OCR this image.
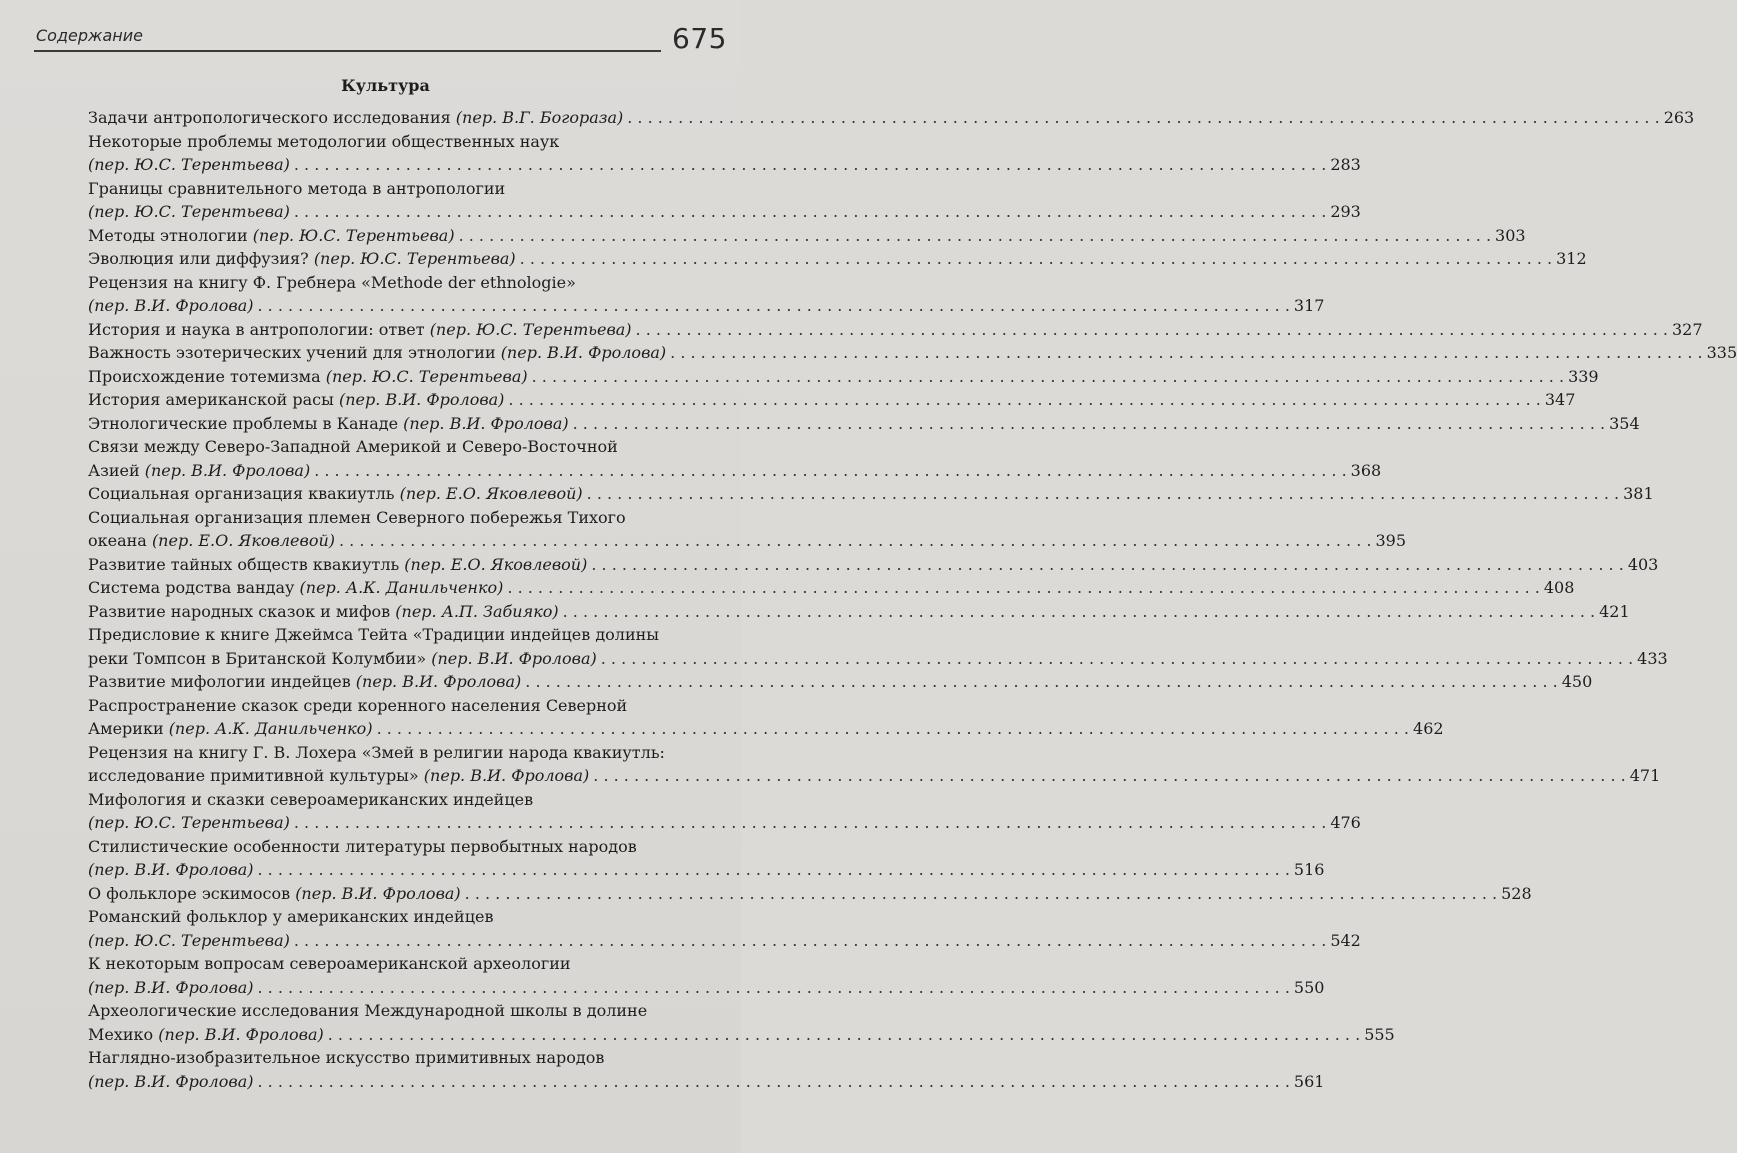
Содержание	675
Культура
Задачи антропологического исследования (пер. В.Г. Богораза) . . .	263
Некоторые проблемы методологии общественных наук
(пер. Ю.С. Терентьева) . . .	283
Границы сравнительного метода в антропологии
(пер. Ю.С. Терентьева) . . .	293
Методы этнологии (пер. Ю.С. Терентьева) . . .	303
Эволюция или диффузия? (пер. Ю.С. Терентьева) . . .	312
Рецензия на книгу Ф. Гребнера «Methode der ethnologie»
(пер. В.И. Фролова) . . .	317
История и наука в антропологии: ответ (пер. Ю.С. Терентьева) . . .	327
Важность эзотерических учений для этнологии (пер. В.И. Фролова) . . .	335
Происхождение тотемизма (пер. Ю.С. Терентьева) . . .	339
История американской расы (пер. В.И. Фролова) . . .	347
Этнологические проблемы в Канаде (пер. В.И. Фролова) . . .	354
Связи между Северо-Западной Америкой и Северо-Восточной
Азией (пер. В.И. Фролова) . . .	368
Социальная организация квакиутль (пер. Е.О. Яковлевой) . . .	381
Социальная организация племен Северного побережья Тихого
океана (пер. Е.О. Яковлевой) . . .	395
Развитие тайных обществ квакиутль (пер. Е.О. Яковлевой) . . .	403
Система родства вандау (пер. А.К. Данильченко) . . .	408
Развитие народных сказок и мифов (пер. А.П. Забияко) . . .	421
Предисловие к книге Джеймса Тейта «Традиции индейцев долины
реки Томпсон в Британской Колумбии» (пер. В.И. Фролова) . . .	433
Развитие мифологии индейцев (пер. В.И. Фролова) . . .	450
Распространение сказок среди коренного населения Северной
Америки (пер. А.К. Данильченко) . . .	462
Рецензия на книгу Г. В. Лохера «Змей в религии народа квакиутль:
исследование примитивной культуры» (пер. В.И. Фролова) . . .	471
Мифология и сказки североамериканских индейцев
(пер. Ю.С. Терентьева) . . .	476
Стилистические особенности литературы первобытных народов
(пер. В.И. Фролова) . . .	516
О фольклоре эскимосов (пер. В.И. Фролова) . . .	528
Романский фольклор у американских индейцев
(пер. Ю.С. Терентьева) . . .	542
К некоторым вопросам североамериканской археологии
(пер. В.И. Фролова) . . .	550
Археологические исследования Международной школы в долине
Мехико (пер. В.И. Фролова) . . .	555
Наглядно-изобразительное искусство примитивных народов
(пер. В.И. Фролова) . . .	561
